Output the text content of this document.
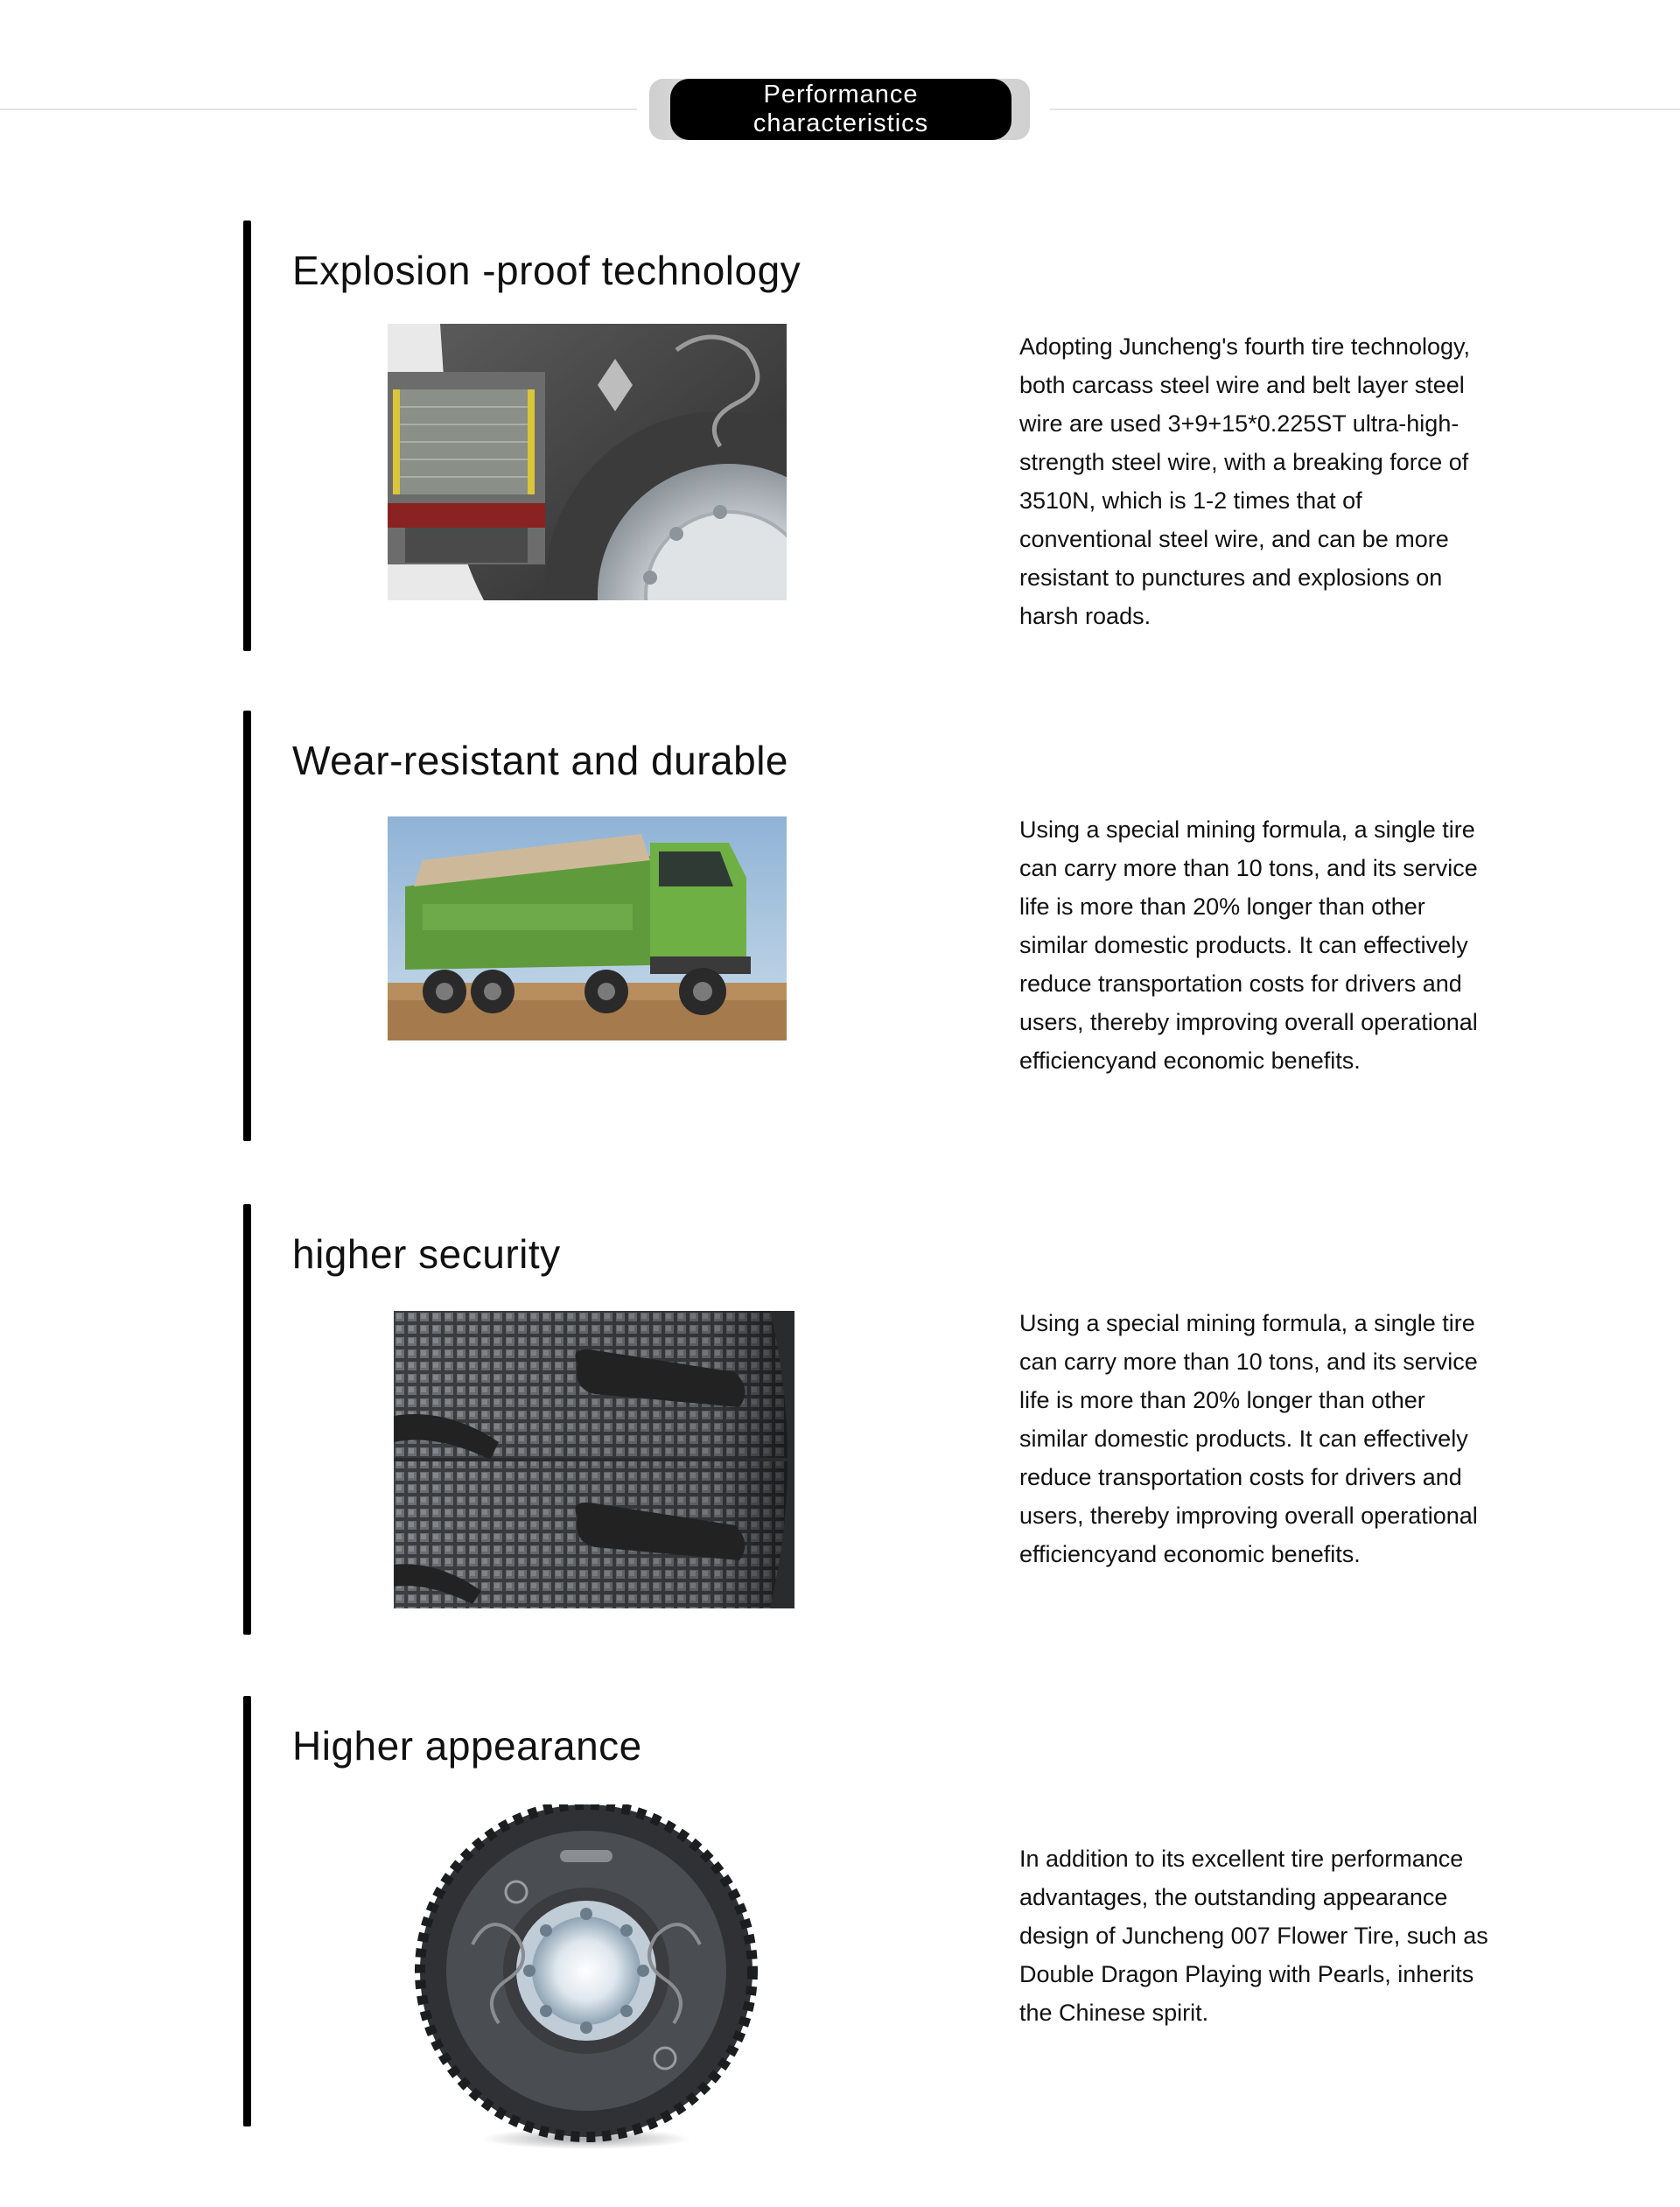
Performance
characteristics
Explosion -proof technology

Adopting Juncheng's fourth tire technology, both carcass steel wire and belt layer steel wire are used 3+9+15*0.225ST ultra-high-strength steel wire, with a breaking force of 3510N, which is 1-2 times that of conventional steel wire, and can be more resistant to punctures and explosions on harsh roads.

Wear-resistant and durable

Using a special mining formula, a single tire can carry more than 10 tons, and its service life is more than 20% longer than other similar domestic products. It can effectively reduce transportation costs for drivers and users, thereby improving overall operational efficiencyand economic benefits.

higher security

Using a special mining formula, a single tire can carry more than 10 tons, and its service life is more than 20% longer than other similar domestic products. It can effectively reduce transportation costs for drivers and users, thereby improving overall operational efficiencyand economic benefits.

Higher appearance

In addition to its excellent tire performance advantages, the outstanding appearance design of Juncheng 007 Flower Tire, such as Double Dragon Playing with Pearls, inherits the Chinese spirit.
